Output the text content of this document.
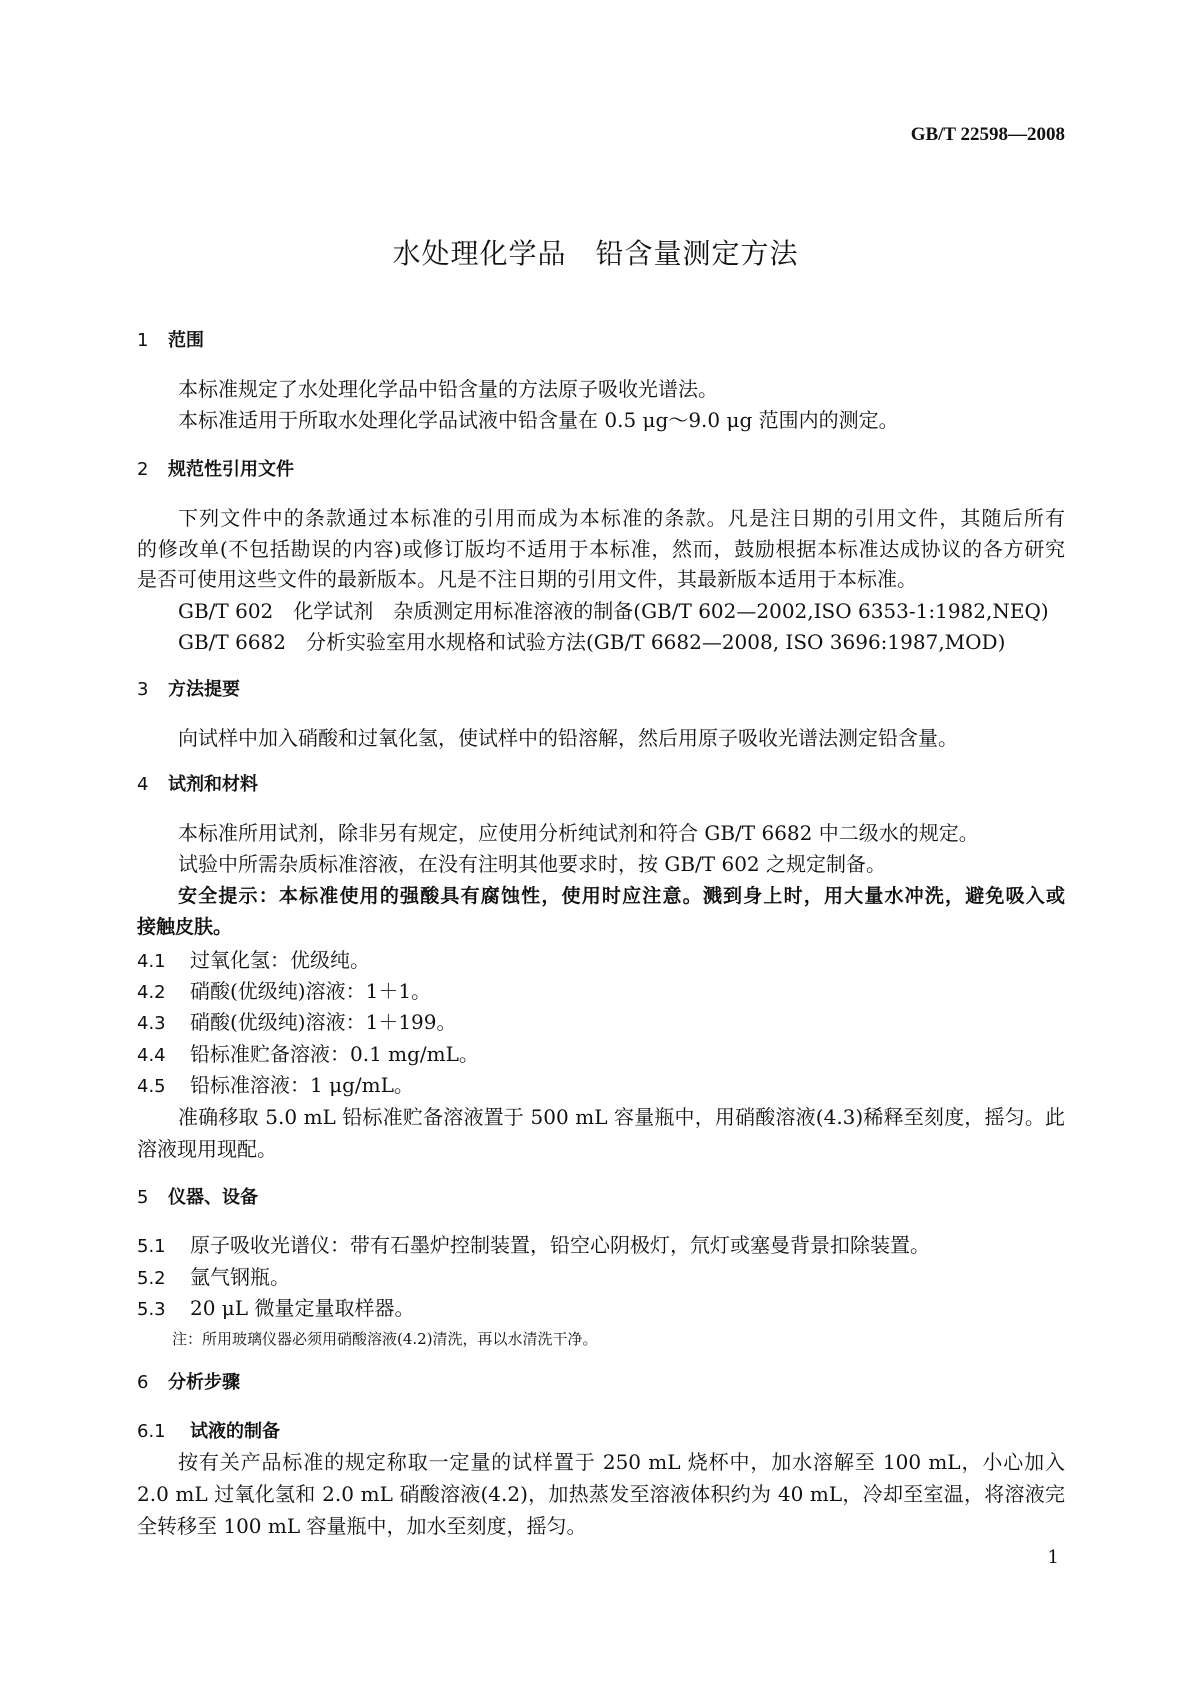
GB/T 22598—2008
水处理化学品　铅含量测定方法
1 范围
本标准规定了水处理化学品中铅含量的方法原子吸收光谱法。
本标准适用于所取水处理化学品试液中铅含量在 0.5 μg～9.0 μg 范围内的测定。
2 规范性引用文件
下列文件中的条款通过本标准的引用而成为本标准的条款。凡是注日期的引用文件，其随后所有
的修改单(不包括勘误的内容)或修订版均不适用于本标准，然而，鼓励根据本标准达成协议的各方研究
是否可使用这些文件的最新版本。凡是不注日期的引用文件，其最新版本适用于本标准。
GB/T 602　化学试剂　杂质测定用标准溶液的制备(GB/T 602—2002,ISO 6353-1:1982,NEQ)
GB/T 6682　分析实验室用水规格和试验方法(GB/T 6682—2008, ISO 3696:1987,MOD)
3 方法提要
向试样中加入硝酸和过氧化氢，使试样中的铅溶解，然后用原子吸收光谱法测定铅含量。
4 试剂和材料
本标准所用试剂，除非另有规定，应使用分析纯试剂和符合 GB/T 6682 中二级水的规定。
试验中所需杂质标准溶液，在没有注明其他要求时，按 GB/T 602 之规定制备。
安全提示：本标准使用的强酸具有腐蚀性，使用时应注意。溅到身上时，用大量水冲洗，避免吸入或
接触皮肤。
4.1 过氧化氢：优级纯。
4.2 硝酸(优级纯)溶液：1＋1。
4.3 硝酸(优级纯)溶液：1＋199。
4.4 铅标准贮备溶液：0.1 mg/mL。
4.5 铅标准溶液：1 μg/mL。
准确移取 5.0 mL 铅标准贮备溶液置于 500 mL 容量瓶中，用硝酸溶液(4.3)稀释至刻度，摇匀。此
溶液现用现配。
5 仪器、设备
5.1 原子吸收光谱仪：带有石墨炉控制装置，铅空心阴极灯，氘灯或塞曼背景扣除装置。
5.2 氩气钢瓶。
5.3 20 μL 微量定量取样器。
注：所用玻璃仪器必须用硝酸溶液(4.2)清洗，再以水清洗干净。
6 分析步骤
6.1 试液的制备
按有关产品标准的规定称取一定量的试样置于 250 mL 烧杯中，加水溶解至 100 mL，小心加入
2.0 mL 过氧化氢和 2.0 mL 硝酸溶液(4.2)，加热蒸发至溶液体积约为 40 mL，冷却至室温，将溶液完
全转移至 100 mL 容量瓶中，加水至刻度，摇匀。
1
